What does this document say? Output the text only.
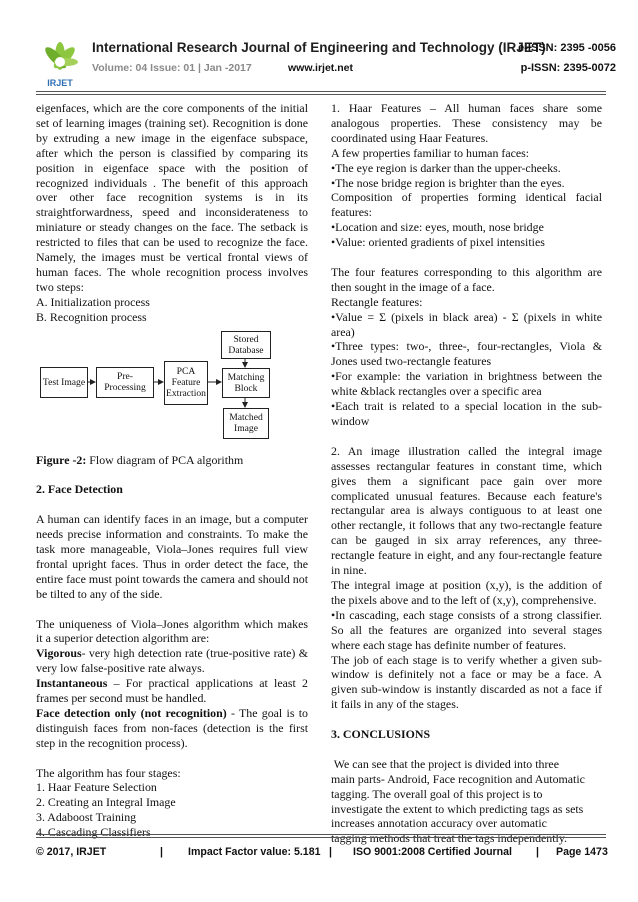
IRJET
International Research Journal of Engineering and Technology (IRJET)
e-ISSN: 2395 -0056
Volume: 04 Issue: 01 | Jan -2017	www.irjet.net	p-ISSN: 2395-0072

eigenfaces, which are the core components of the initial set of learning images (training set). Recognition is done by extruding a new image in the eigenface subspace, after which the person is classified by comparing its position in eigenface space with the position of recognized individuals . The benefit of this approach over other face recognition systems is in its straightforwardness, speed and inconsiderateness to miniature or steady changes on the face. The setback is restricted to files that can be used to recognize the face. Namely, the images must be vertical frontal views of human faces. The whole recognition process involves two steps:

A. Initialization process

B. Recognition process

Test Image	Pre-Processing
PCA Feature Extraction
Stored Database
Matching Block
Matched Image

Figure -2: Flow diagram of PCA algorithm

2. Face Detection

A human can identify faces in an image, but a computer needs precise information and constraints. To make the task more manageable, Viola–Jones requires full view frontal upright faces. Thus in order detect the face, the entire face must point towards the camera and should not be tilted to any of the side.

The uniqueness of Viola–Jones algorithm which makes it a superior detection algorithm are:

Vigorous- very high detection rate (true-positive rate) & very low false-positive rate always.

Instantaneous – For practical applications at least 2 frames per second must be handled.

Face detection only (not recognition) - The goal is to distinguish faces from non-faces (detection is the first step in the recognition process).

The algorithm has four stages:

1. Haar Feature Selection

2. Creating an Integral Image

3. Adaboost Training

4. Cascading Classifiers

1. Haar Features – All human faces share some analogous properties. These consistency may be coordinated using Haar Features.

A few properties familiar to human faces:

•The eye region is darker than the upper-cheeks.

•The nose bridge region is brighter than the eyes.

Composition of properties forming identical facial features:

•Location and size: eyes, mouth, nose bridge

•Value: oriented gradients of pixel intensities

The four features corresponding to this algorithm are then sought in the image of a face.

Rectangle features:

•Value = Σ (pixels in black area) - Σ (pixels in white area)

•Three types: two-, three-, four-rectangles, Viola & Jones used two-rectangle features

•For example: the variation in brightness between the white &black rectangles over a specific area

•Each trait is related to a special location in the sub-window

2. An image illustration called the integral image assesses rectangular features in constant time, which gives them a significant pace gain over more complicated unusual features. Because each feature's rectangular area is always contiguous to at least one other rectangle, it follows that any two-rectangle feature can be gauged in six array references, any three-rectangle feature in eight, and any four-rectangle feature in nine.

The integral image at position (x,y), is the addition of the pixels above and to the left of (x,y), comprehensive.

•In cascading, each stage consists of a strong classifier. So all the features are organized into several stages where each stage has definite number of features.

The job of each stage is to verify whether a given sub-window is definitely not a face or may be a face. A given sub-window is instantly discarded as not a face if it fails in any of the stages.

3. CONCLUSIONS

We can see that the project is divided into three

main parts- Android, Face recognition and Automatic

tagging. The overall goal of this project is to

investigate the extent to which predicting tags as sets

increases annotation accuracy over automatic

tagging methods that treat the tags independently.

© 2017, IRJET	| Impact Factor value: 5.181 | ISO 9001:2008 Certified Journal | Page 1473
